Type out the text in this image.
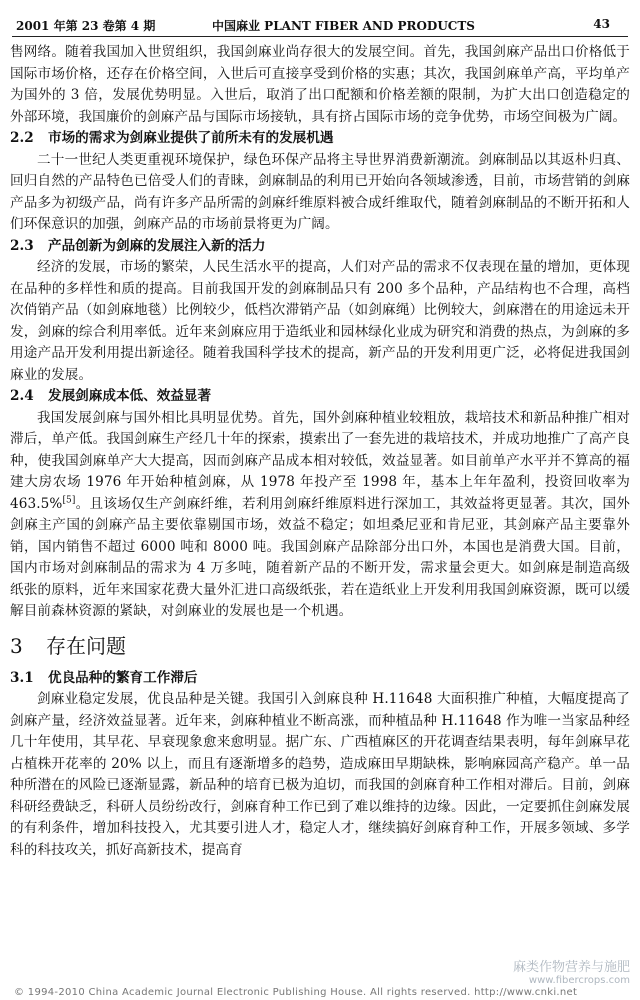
2001 年第 23 卷第 4 期	中国麻业 PLANT FIBER AND PRODUCTS	43

售网络。随着我国加入世贸组织，我国剑麻业尚存很大的发展空间。首先，我国剑麻产品出口价格低于国际市场价格，还存在价格空间，入世后可直接享受到价格的实惠；其次，我国剑麻单产高，平均单产为国外的 3 倍，发展优势明显。入世后，取消了出口配额和价格差额的限制，为扩大出口创造稳定的外部环境，我国廉价的剑麻产品与国际市场接轨，具有挤占国际市场的竞争优势，市场空间极为广阔。

2.2 市场的需求为剑麻业提供了前所未有的发展机遇

二十一世纪人类更重视环境保护，绿色环保产品将主导世界消费新潮流。剑麻制品以其返朴归真、回归自然的产品特色已倍受人们的青睐，剑麻制品的利用已开始向各领域渗透，目前，市场营销的剑麻产品多为初级产品，尚有许多产品所需的剑麻纤维原料被合成纤维取代，随着剑麻制品的不断开拓和人们环保意识的加强，剑麻产品的市场前景将更为广阔。

2.3 产品创新为剑麻的发展注入新的活力

经济的发展，市场的繁荣，人民生活水平的提高，人们对产品的需求不仅表现在量的增加，更体现在品种的多样性和质的提高。目前我国开发的剑麻制品只有 200 多个品种，产品结构也不合理，高档次俏销产品（如剑麻地毯）比例较少，低档次滞销产品（如剑麻绳）比例较大，剑麻潜在的用途远未开发，剑麻的综合利用率低。近年来剑麻应用于造纸业和园林绿化业成为研究和消费的热点，为剑麻的多用途产品开发利用提出新途径。随着我国科学技术的提高，新产品的开发利用更广泛，必将促进我国剑麻业的发展。

2.4 发展剑麻成本低、效益显著

我国发展剑麻与国外相比具明显优势。首先，国外剑麻种植业较粗放，栽培技术和新品种推广相对滞后，单产低。我国剑麻生产经几十年的探索，摸索出了一套先进的栽培技术，并成功地推广了高产良种，使我国剑麻单产大大提高，因而剑麻产品成本相对较低，效益显著。如目前单产水平并不算高的福建大房农场 1976 年开始种植剑麻，从 1978 年投产至 1998 年，基本上年年盈利，投资回收率为 463.5%[5]。且该场仅生产剑麻纤维，若利用剑麻纤维原料进行深加工，其效益将更显著。其次，国外剑麻主产国的剑麻产品主要依靠剔国市场，效益不稳定；如坦桑尼亚和肯尼亚，其剑麻产品主要靠外销，国内销售不超过 6000 吨和 8000 吨。我国剑麻产品除部分出口外，本国也是消费大国。目前，国内市场对剑麻制品的需求为 4 万多吨，随着新产品的不断开发，需求量会更大。如剑麻是制造高级纸张的原料，近年来国家花费大量外汇进口高级纸张，若在造纸业上开发利用我国剑麻资源，既可以缓解目前森林资源的紧缺，对剑麻业的发展也是一个机遇。

3 存在问题
3.1 优良品种的繁育工作滞后

剑麻业稳定发展，优良品种是关键。我国引入剑麻良种 H.11648 大面积推广种植，大幅度提高了剑麻产量，经济效益显著。近年来，剑麻种植业不断高涨，而种植品种 H.11648 作为唯一当家品种经几十年使用，其早花、早衰现象愈来愈明显。据广东、广西植麻区的开花调查结果表明，每年剑麻早花占植株开花率的 20% 以上，而且有逐渐增多的趋势，造成麻田早期缺株，影响麻园高产稳产。单一品种所潜在的风险已逐渐显露，新品种的培育已极为迫切，而我国的剑麻育种工作相对滞后。目前，剑麻科研经费缺乏，科研人员纷纷改行，剑麻育种工作已到了难以维持的边缘。因此，一定要抓住剑麻发展的有利条件，增加科技投入，尤其要引进人才，稳定人才，继续搞好剑麻育种工作，开展多领域、多学科的科技攻关，抓好高新技术，提高育

© 1994-2010 China Academic Journal Electronic Publishing House. All rights reserved. http://www.cnki.net
麻类作物营养与施肥
www.fibercrops.com
